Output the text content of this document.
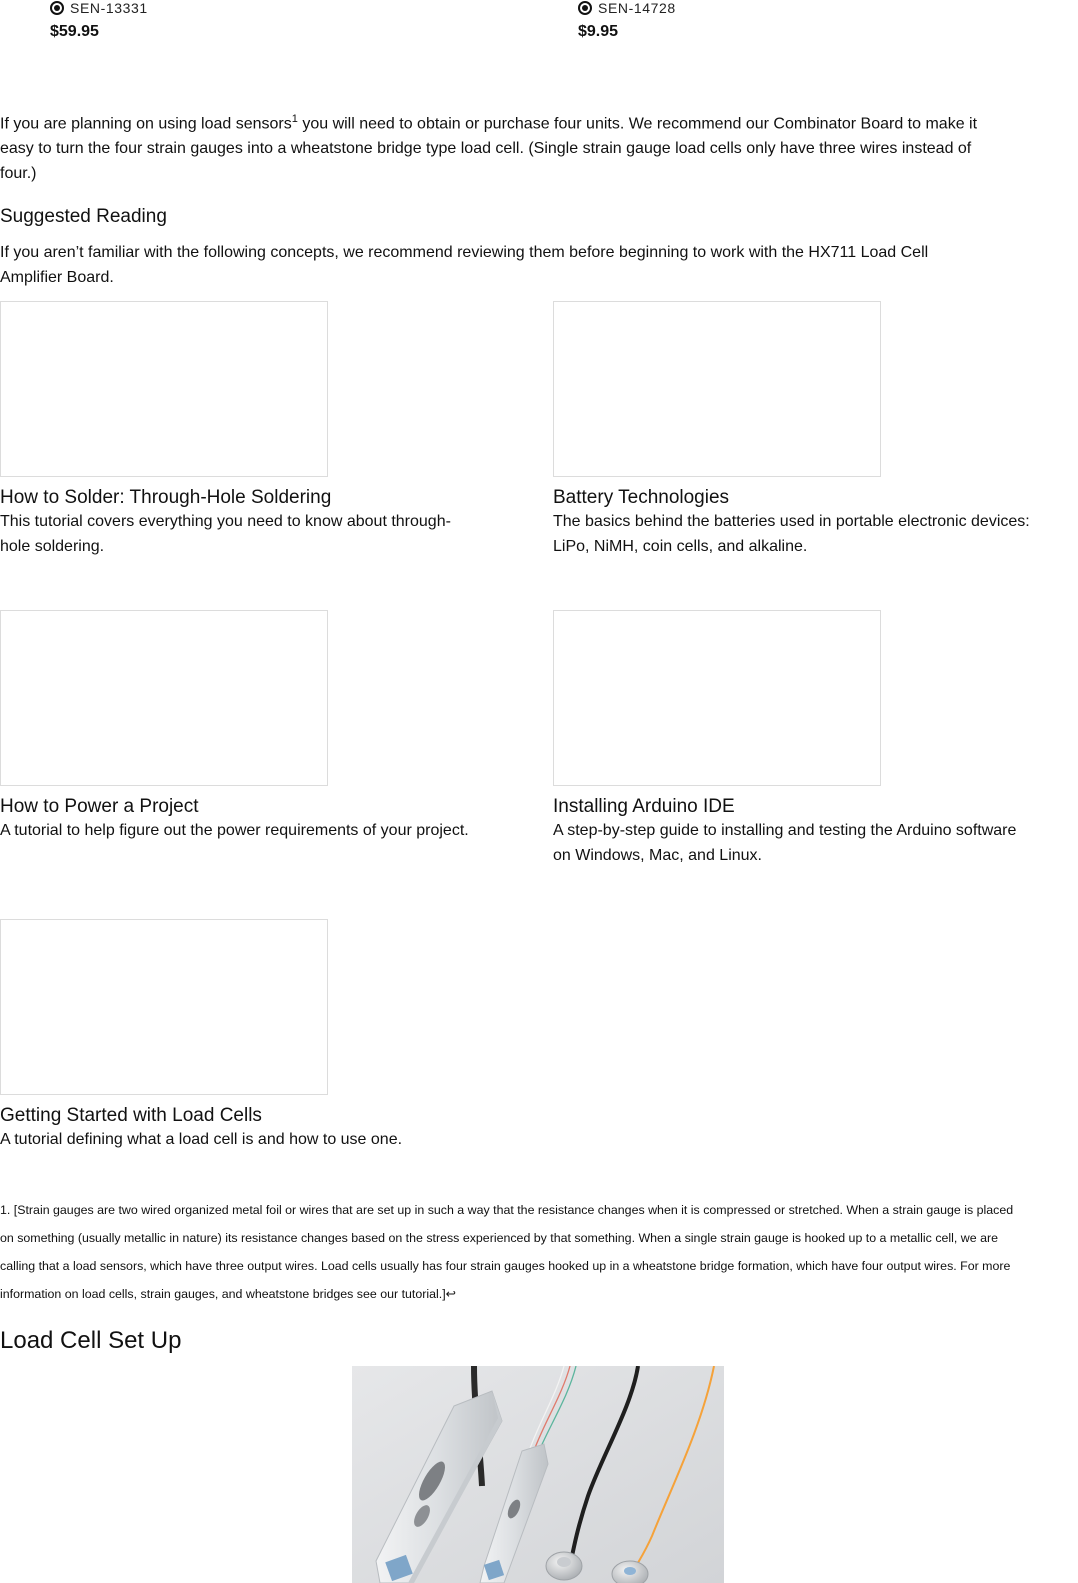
SEN-13331
$59.95
SEN-14728
$9.95
If you are planning on using load sensors$^1$ you will need to obtain or purchase four units. We recommend our Combinator Board to make it
easy to turn the four strain gauges into a wheatstone bridge type load cell. (Single strain gauge load cells only have three wires instead of
four.)
Suggested Reading
If you aren’t familiar with the following concepts, we recommend reviewing them before beginning to work with the HX711 Load Cell
Amplifier Board.
How to Solder: Through-Hole Soldering
This tutorial covers everything you need to know about through-
hole soldering.
Battery Technologies
The basics behind the batteries used in portable electronic devices:
LiPo, NiMH, coin cells, and alkaline.
How to Power a Project
A tutorial to help figure out the power requirements of your project.
Installing Arduino IDE
A step-by-step guide to installing and testing the Arduino software
on Windows, Mac, and Linux.
Getting Started with Load Cells
A tutorial defining what a load cell is and how to use one.
1. [Strain gauges are two wired organized metal foil or wires that are set up in such a way that the resistance changes when it is compressed or stretched. When a strain gauge is placed
on something (usually metallic in nature) its resistance changes based on the stress experienced by that something. When a single strain gauge is hooked up to a metallic cell, we are
calling that a load sensors, which have three output wires. Load cells usually has four strain gauges hooked up in a wheatstone bridge formation, which have four output wires. For more
information on load cells, strain gauges, and wheatstone bridges see our tutorial.]↩
Load Cell Set Up
